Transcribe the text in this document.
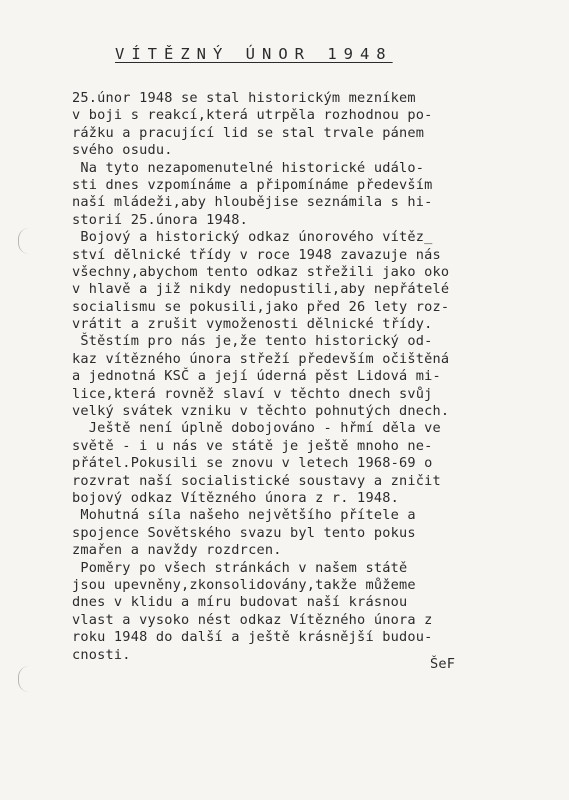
VÍTĚZNÝ ÚNOR 1948
25.únor 1948 se stal historickým mezníkem
v boji s reakcí,která utrpěla rozhodnou po-
rážku a pracující lid se stal trvale pánem
svého osudu.
Na tyto nezapomenutelné historické událo-
sti dnes vzpomínáme a připomínáme především
naší mládeži,aby hloubějise seznámila s hi-
storií 25.února 1948.
Bojový a historický odkaz únorového vítěz_
ství dělnické třídy v roce 1948 zavazuje nás
všechny,abychom tento odkaz střežili jako oko
v hlavě a již nikdy nedopustili,aby nepřátelé
socialismu se pokusili,jako před 26 lety roz-
vrátit a zrušit vymoženosti dělnické třídy.
Štěstím pro nás je,že tento historický od-
kaz vítězného února střeží především očištěná
a jednotná KSČ a její úderná pěst Lidová mi-
lice,která rovněž slaví v těchto dnech svůj
velký svátek vzniku v těchto pohnutých dnech.
Ještě není úplně dobojováno - hřmí děla ve
světě - i u nás ve státě je ještě mnoho ne-
přátel.Pokusili se znovu v letech 1968-69 o
rozvrat naší socialistické soustavy a zničit
bojový odkaz Vítězného února z r. 1948.
Mohutná síla našeho největšího přítele a
spojence Sovětského svazu byl tento pokus
zmařen a navždy rozdrcen.
Poměry po všech stránkách v našem státě
jsou upevněny,zkonsolidovány,takže můžeme
dnes v klidu a míru budovat naší krásnou
vlast a vysoko nést odkaz Vítězného února z
roku 1948 do další a ještě krásnější budou-
cnosti.
ŠeF
